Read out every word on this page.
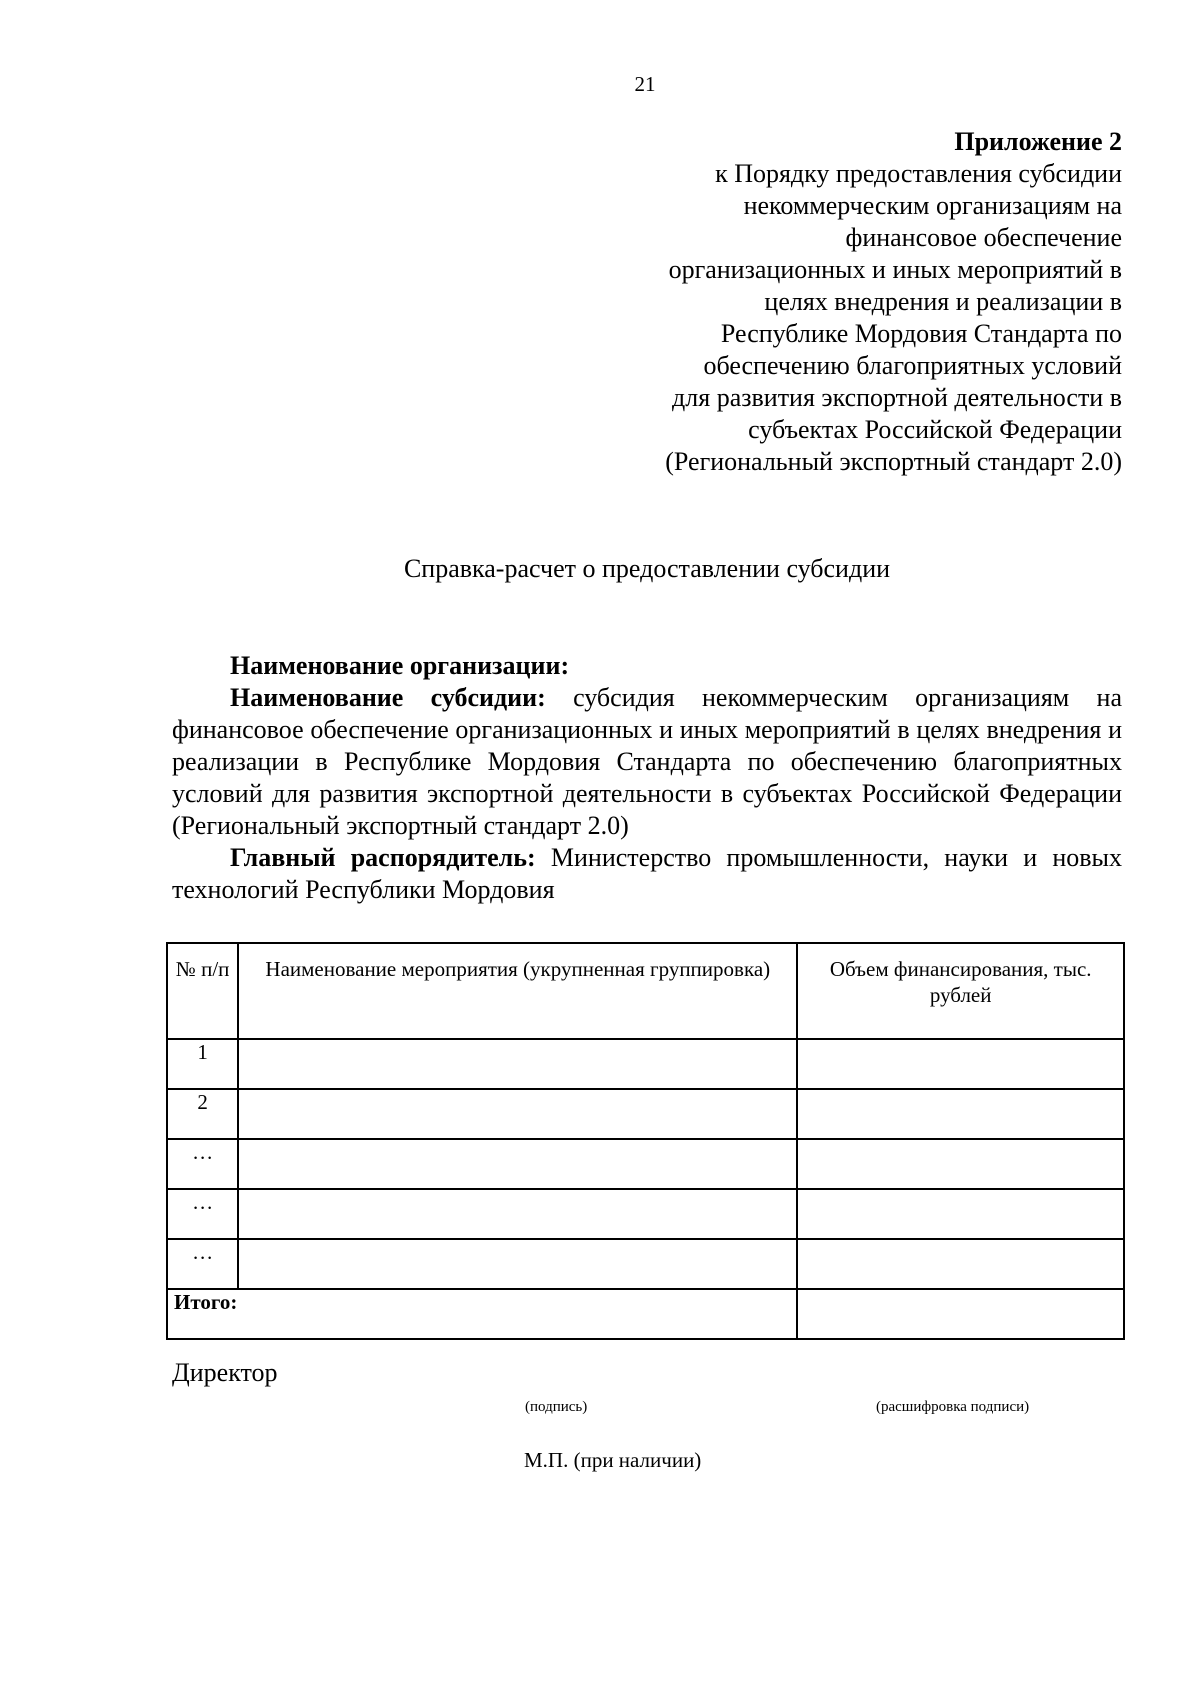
21
Приложение 2
к Порядку предоставления субсидии
некоммерческим организациям на
финансовое обеспечение
организационных и иных мероприятий в
целях внедрения и реализации в
Республике Мордовия Стандарта по
обеспечению благоприятных условий
для развития экспортной деятельности в
субъектах Российской Федерации
(Региональный экспортный стандарт 2.0)
Справка-расчет о предоставлении субсидии

Наименование организации:

Наименование субсидии: субсидия некоммерческим организациям на финансовое обеспечение организационных и иных мероприятий в целях внедрения и реализации в Республике Мордовия Стандарта по обеспечению благоприятных условий для развития экспортной деятельности в субъектах Российской Федерации (Региональный экспортный стандарт 2.0)

Главный распорядитель: Министерство промышленности, науки и новых технологий Республики Мордовия

№ п/п	Наименование мероприятия (укрупненная группировка)	Объем финансирования, тыс. рублей
1		
2		
…		
…		
…		
Итого:		
Директор
(подпись)	(расшифровка подписи)
М.П. (при наличии)
